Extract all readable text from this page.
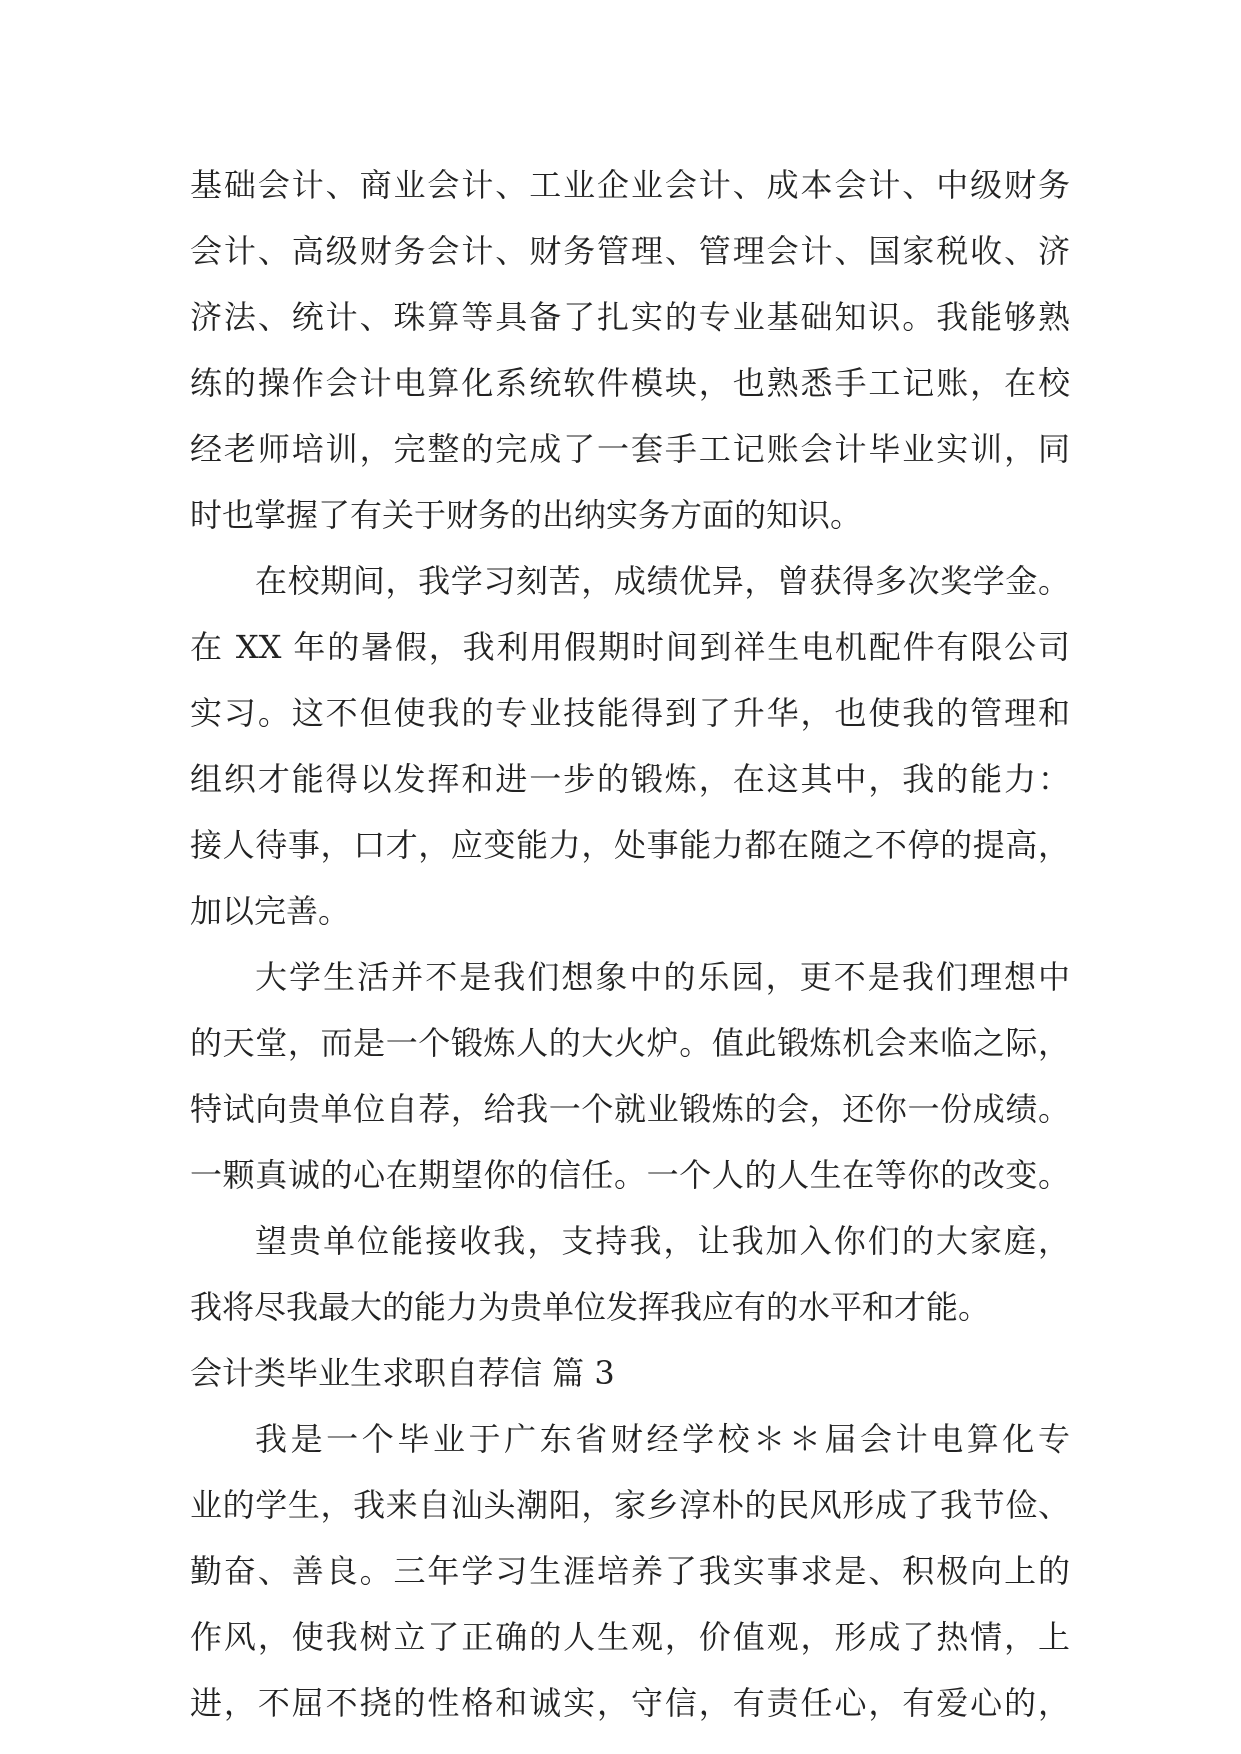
基础会计、商业会计、工业企业会计、成本会计、中级财务
会计、高级财务会计、财务管理、管理会计、国家税收、济
济法、统计、珠算等具备了扎实的专业基础知识。我能够熟
练的操作会计电算化系统软件模块，也熟悉手工记账，在校
经老师培训，完整的完成了一套手工记账会计毕业实训，同
时也掌握了有关于财务的出纳实务方面的知识。
在校期间，我学习刻苦，成绩优异，曾获得多次奖学金。
在 XX 年的暑假，我利用假期时间到祥生电机配件有限公司
实习。这不但使我的专业技能得到了升华，也使我的管理和
组织才能得以发挥和进一步的锻炼，在这其中，我的能力：
接人待事，口才，应变能力，处事能力都在随之不停的提高，
加以完善。
大学生活并不是我们想象中的乐园，更不是我们理想中
的天堂，而是一个锻炼人的大火炉。值此锻炼机会来临之际，
特试向贵单位自荐，给我一个就业锻炼的会，还你一份成绩。
一颗真诚的心在期望你的信任。一个人的人生在等你的改变。
望贵单位能接收我，支持我，让我加入你们的大家庭，
我将尽我最大的能力为贵单位发挥我应有的水平和才能。
会计类毕业生求职自荐信 篇 3
我是一个毕业于广东省财经学校＊＊届会计电算化专
业的学生，我来自汕头潮阳，家乡淳朴的民风形成了我节俭、
勤奋、善良。三年学习生涯培养了我实事求是、积极向上的
作风，使我树立了正确的人生观，价值观，形成了热情，上
进，不屈不挠的性格和诚实，守信，有责任心，有爱心的，
